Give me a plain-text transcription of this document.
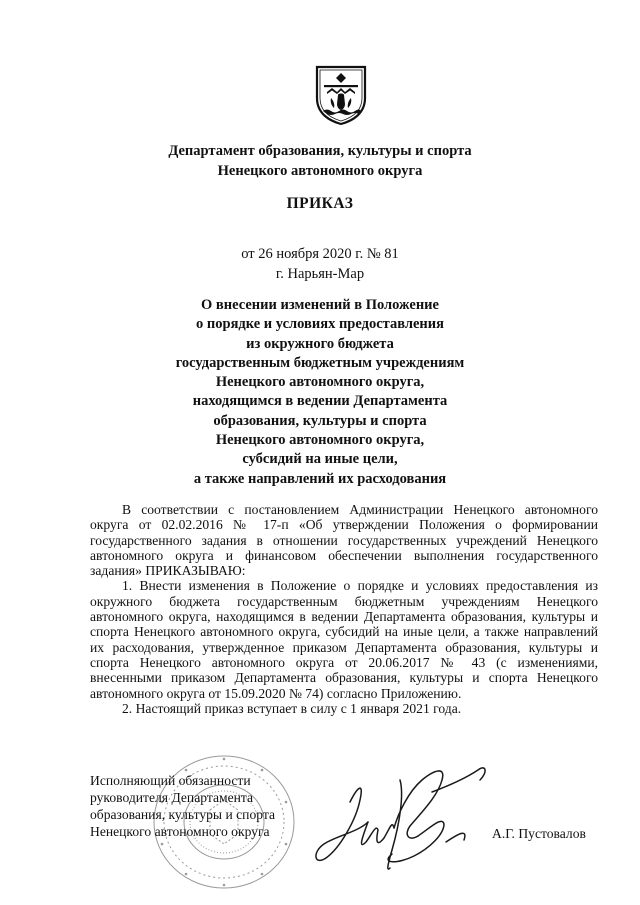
Департамент образования, культуры и спорта
Ненецкого автономного округа
ПРИКАЗ
от 26 ноября 2020 г. № 81
г. Нарьян-Мар
О внесении изменений в Положение
о порядке и условиях предоставления
из окружного бюджета
государственным бюджетным учреждениям
Ненецкого автономного округа,
находящимся в ведении Департамента
образования, культуры и спорта
Ненецкого автономного округа,
субсидий на иные цели,
а также направлений их расходования

В соответствии с постановлением Администрации Ненецкого автономного округа от 02.02.2016 № 17-п «Об утверждении Положения о формировании государственного задания в отношении государственных учреждений Ненецкого автономного округа и финансовом обеспечении выполнения государственного задания» ПРИКАЗЫВАЮ:

1. Внести изменения в Положение о порядке и условиях предоставления из окружного бюджета государственным бюджетным учреждениям Ненецкого автономного округа, находящимся в ведении Департамента образования, культуры и спорта Ненецкого автономного округа, субсидий на иные цели, а также направлений их расходования, утвержденное приказом Департамента образования, культуры и спорта Ненецкого автономного округа от 20.06.2017 № 43 (с изменениями, внесенными приказом Департамента образования, культуры и спорта Ненецкого автономного округа от 15.09.2020 № 74) согласно Приложению.

2. Настоящий приказ вступает в силу с 1 января 2021 года.

Исполняющий обязанности
руководителя Департамента
образования, культуры и спорта
Ненецкого автономного округа	А.Г. Пустовалов
